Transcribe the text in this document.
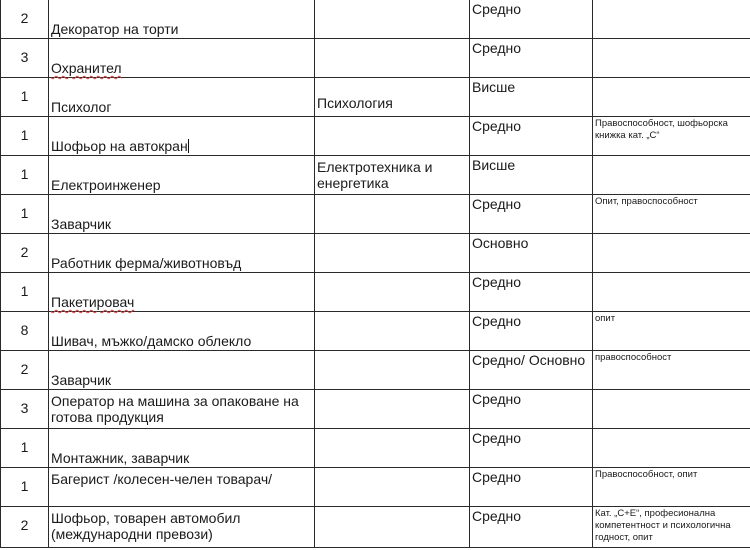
2	Декоратор на торти		Средно	
3	Охранител		Средно	
1	Психолог	Психология	Висше	
1	Шофьор на автокран		Средно	Правоспособност, шофьорска книжка кат. „С“
1	Електроинженер	Електротехника и енергетика	Висше	
1	Заварчик		Средно	Опит, правоспособност
2	Работник ферма/животновъд		Основно	
1	Пакетировач		Средно	
8	Шивач, мъжко/дамско облекло		Средно	опит
2	Заварчик		Средно/ Основно	правоспособност
3	Оператор на машина за опаковане на готова продукция		Средно	
1	Монтажник, заварчик		Средно	
1	Багерист /колесен-челен товарач/		Средно	Правоспособност, опит
2	Шофьор, товарен автомобил (международни превози)		Средно	Кат. „С+Е“, професионална компетентност и психологична годност, опит
